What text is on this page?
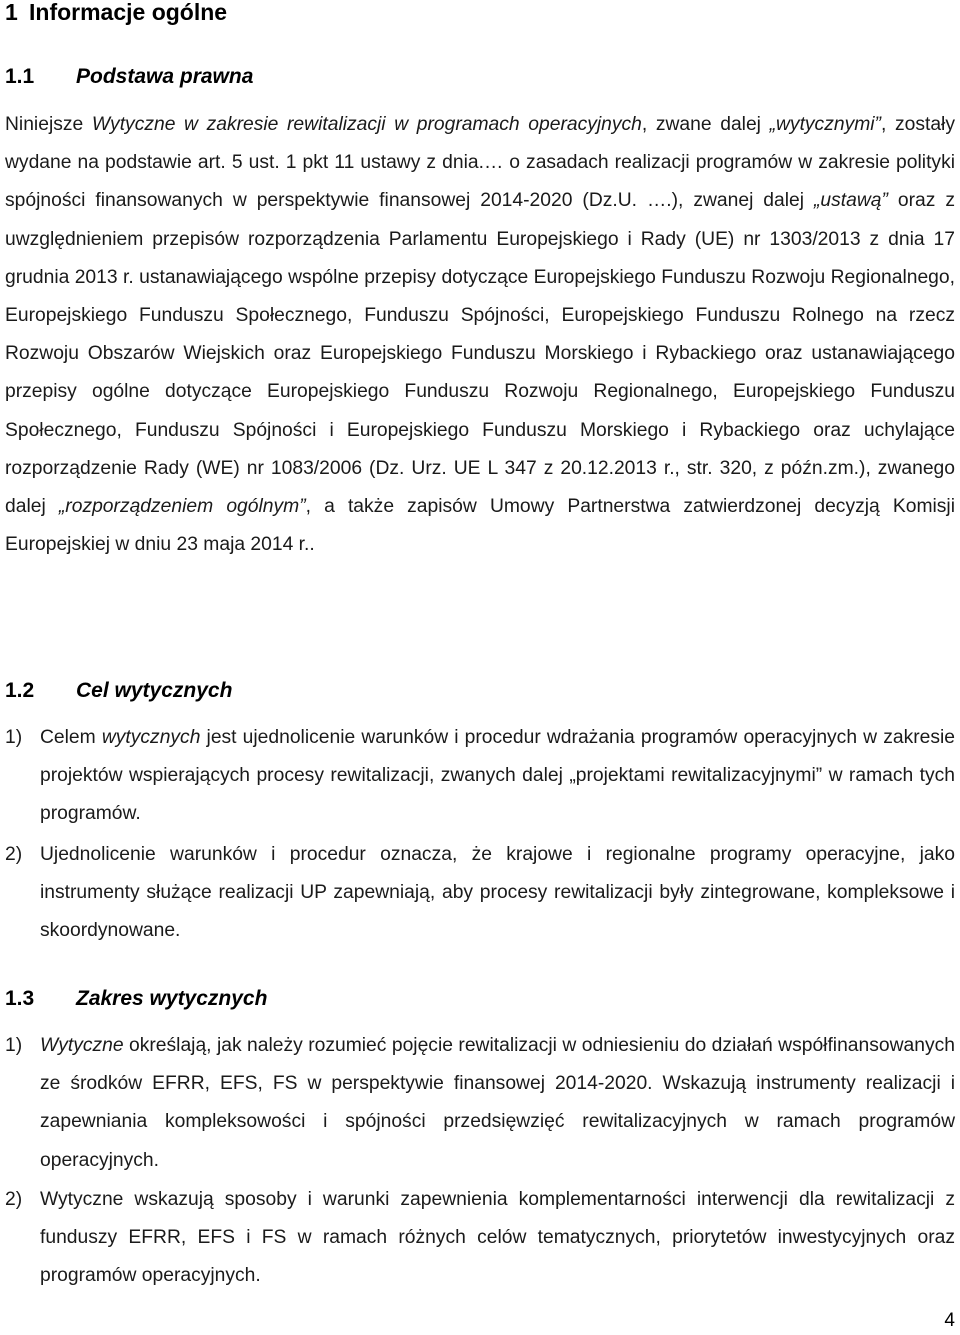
1 Informacje ogólne
1.1 Podstawa prawna
Niniejsze Wytyczne w zakresie rewitalizacji w programach operacyjnych, zwane dalej „wytycznymi”, zostały wydane na podstawie art. 5 ust. 1 pkt 11 ustawy z dnia.… o zasadach realizacji programów w zakresie polityki spójności finansowanych w perspektywie finansowej 2014-2020 (Dz.U. ….), zwanej dalej „ustawą” oraz z uwzględnieniem przepisów rozporządzenia Parlamentu Europejskiego i Rady (UE) nr 1303/2013 z dnia 17 grudnia 2013 r. ustanawiającego wspólne przepisy dotyczące Europejskiego Funduszu Rozwoju Regionalnego, Europejskiego Funduszu Społecznego, Funduszu Spójności, Europejskiego Funduszu Rolnego na rzecz Rozwoju Obszarów Wiejskich oraz Europejskiego Funduszu Morskiego i Rybackiego oraz ustanawiającego przepisy ogólne dotyczące Europejskiego Funduszu Rozwoju Regionalnego, Europejskiego Funduszu Społecznego, Funduszu Spójności i Europejskiego Funduszu Morskiego i Rybackiego oraz uchylające rozporządzenie Rady (WE) nr 1083/2006 (Dz. Urz. UE L 347 z 20.12.2013 r., str. 320, z późn.zm.), zwanego dalej „rozporządzeniem ogólnym”, a także zapisów Umowy Partnerstwa zatwierdzonej decyzją Komisji Europejskiej w dniu 23 maja 2014 r..
1.2 Cel wytycznych
1) Celem wytycznych jest ujednolicenie warunków i procedur wdrażania programów operacyjnych w zakresie projektów wspierających procesy rewitalizacji, zwanych dalej „projektami rewitalizacyjnymi” w ramach tych programów.
2) Ujednolicenie warunków i procedur oznacza, że krajowe i regionalne programy operacyjne, jako instrumenty służące realizacji UP zapewniają, aby procesy rewitalizacji były zintegrowane, kompleksowe i skoordynowane.
1.3 Zakres wytycznych
1) Wytyczne określają, jak należy rozumieć pojęcie rewitalizacji w odniesieniu do działań współfinansowanych ze środków EFRR, EFS, FS w perspektywie finansowej 2014-2020. Wskazują instrumenty realizacji i zapewniania kompleksowości i spójności przedsięwzięć rewitalizacyjnych w ramach programów operacyjnych.
2) Wytyczne wskazują sposoby i warunki zapewnienia komplementarności interwencji dla rewitalizacji z funduszy EFRR, EFS i FS w ramach różnych celów tematycznych, priorytetów inwestycyjnych oraz programów operacyjnych.
4
